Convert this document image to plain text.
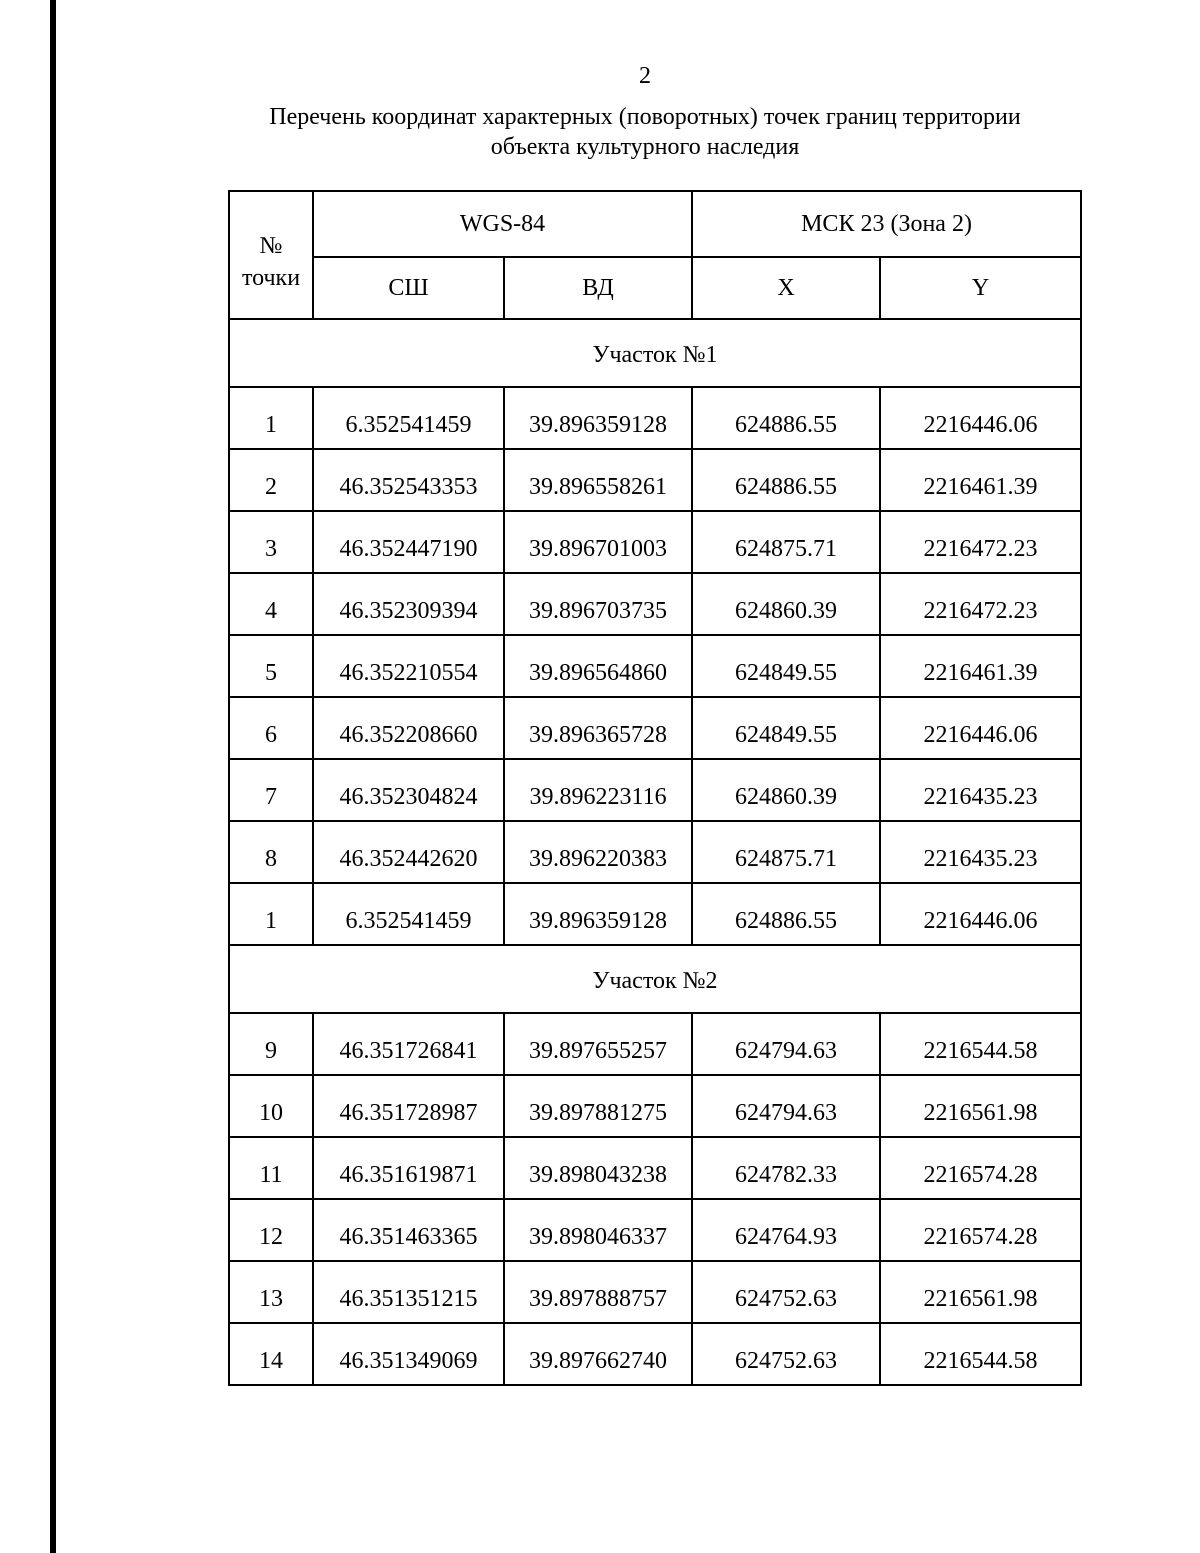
2
Перечень координат характерных (поворотных) точек границ территории
объекта культурного наследия
№
точки	WGS-84		МСК 23 (Зона 2)	
	СШ	ВД	X	Y
Участок №1				
1	6.352541459	39.896359128	624886.55	2216446.06
2	46.352543353	39.896558261	624886.55	2216461.39
3	46.352447190	39.896701003	624875.71	2216472.23
4	46.352309394	39.896703735	624860.39	2216472.23
5	46.352210554	39.896564860	624849.55	2216461.39
6	46.352208660	39.896365728	624849.55	2216446.06
7	46.352304824	39.896223116	624860.39	2216435.23
8	46.352442620	39.896220383	624875.71	2216435.23
1	6.352541459	39.896359128	624886.55	2216446.06
Участок №2				
9	46.351726841	39.897655257	624794.63	2216544.58
10	46.351728987	39.897881275	624794.63	2216561.98
11	46.351619871	39.898043238	624782.33	2216574.28
12	46.351463365	39.898046337	624764.93	2216574.28
13	46.351351215	39.897888757	624752.63	2216561.98
14	46.351349069	39.897662740	624752.63	2216544.58
